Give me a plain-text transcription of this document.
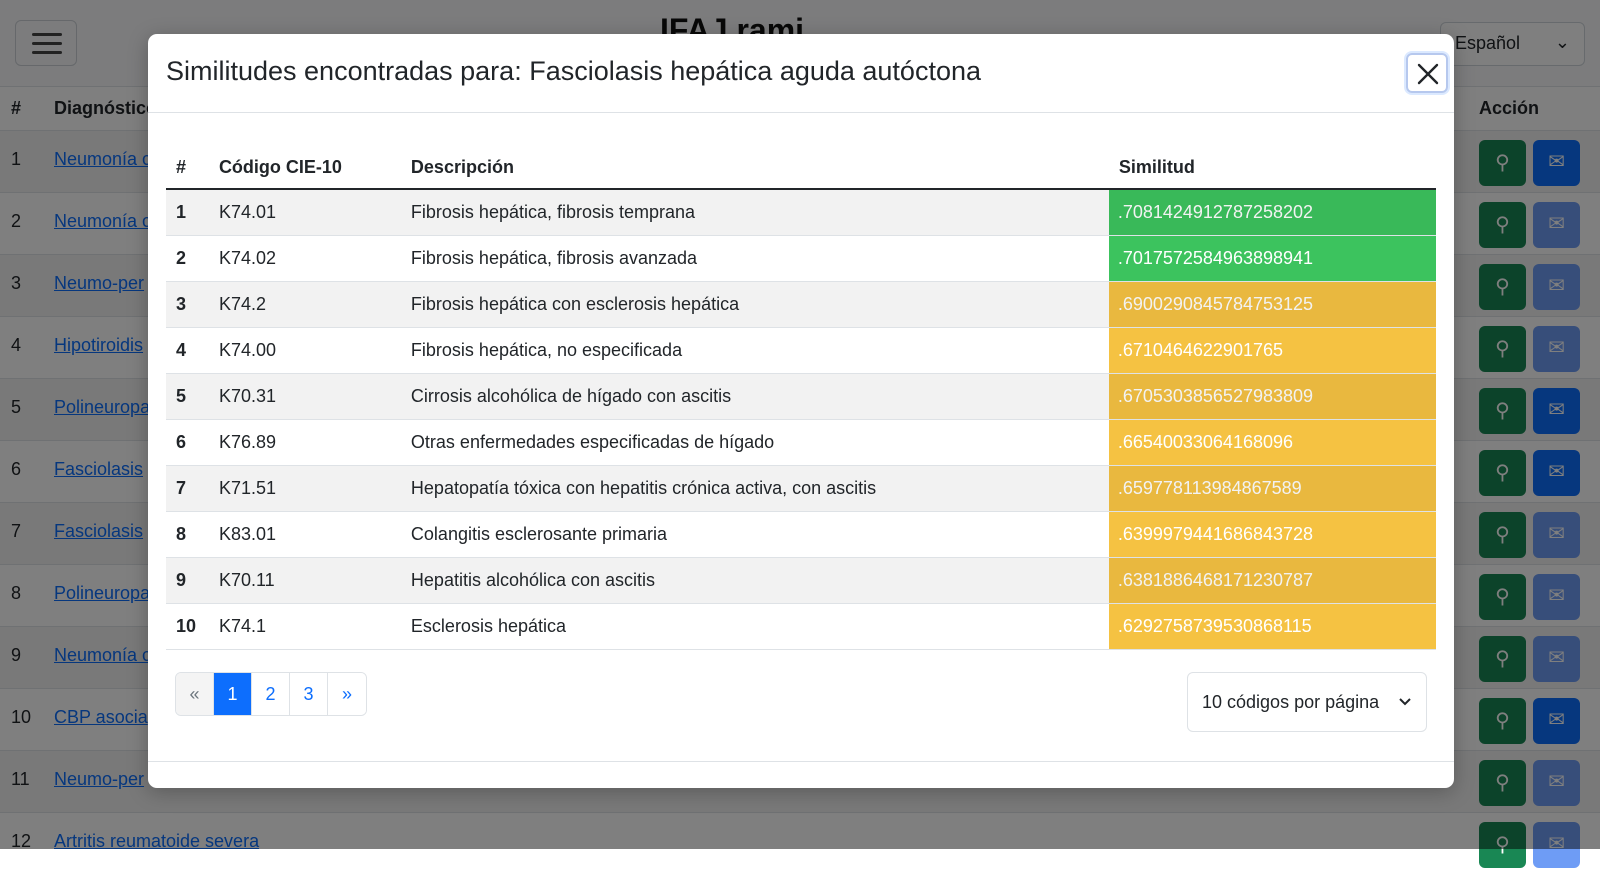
Similitudes encontradas para: Fasciolasis hepática aguda autóctona
#	Código CIE-10	Descripción	Similitud
1	K74.01	Fibrosis hepática, fibrosis temprana	.7081424912787258202
2	K74.02	Fibrosis hepática, fibrosis avanzada	.7017572584963898941
3	K74.2	Fibrosis hepática con esclerosis hepática	.6900290845784753125
4	K74.00	Fibrosis hepática, no especificada	.6710464622901765
5	K70.31	Cirrosis alcohólica de hígado con ascitis	.6705303856527983809
6	K76.89	Otras enfermedades especificadas de hígado	.66540033064168096
7	K71.51	Hepatopatía tóxica con hepatitis crónica activa, con ascitis	.659778113984867589
8	K83.01	Colangitis esclerosante primaria	.6399979441686843728
9	K70.11	Hepatitis alcohólica con ascitis	.6381886468171230787
10	K74.1	Esclerosis hepática	.6292758739530868115
«	1	2	3	»	10 códigos por página
